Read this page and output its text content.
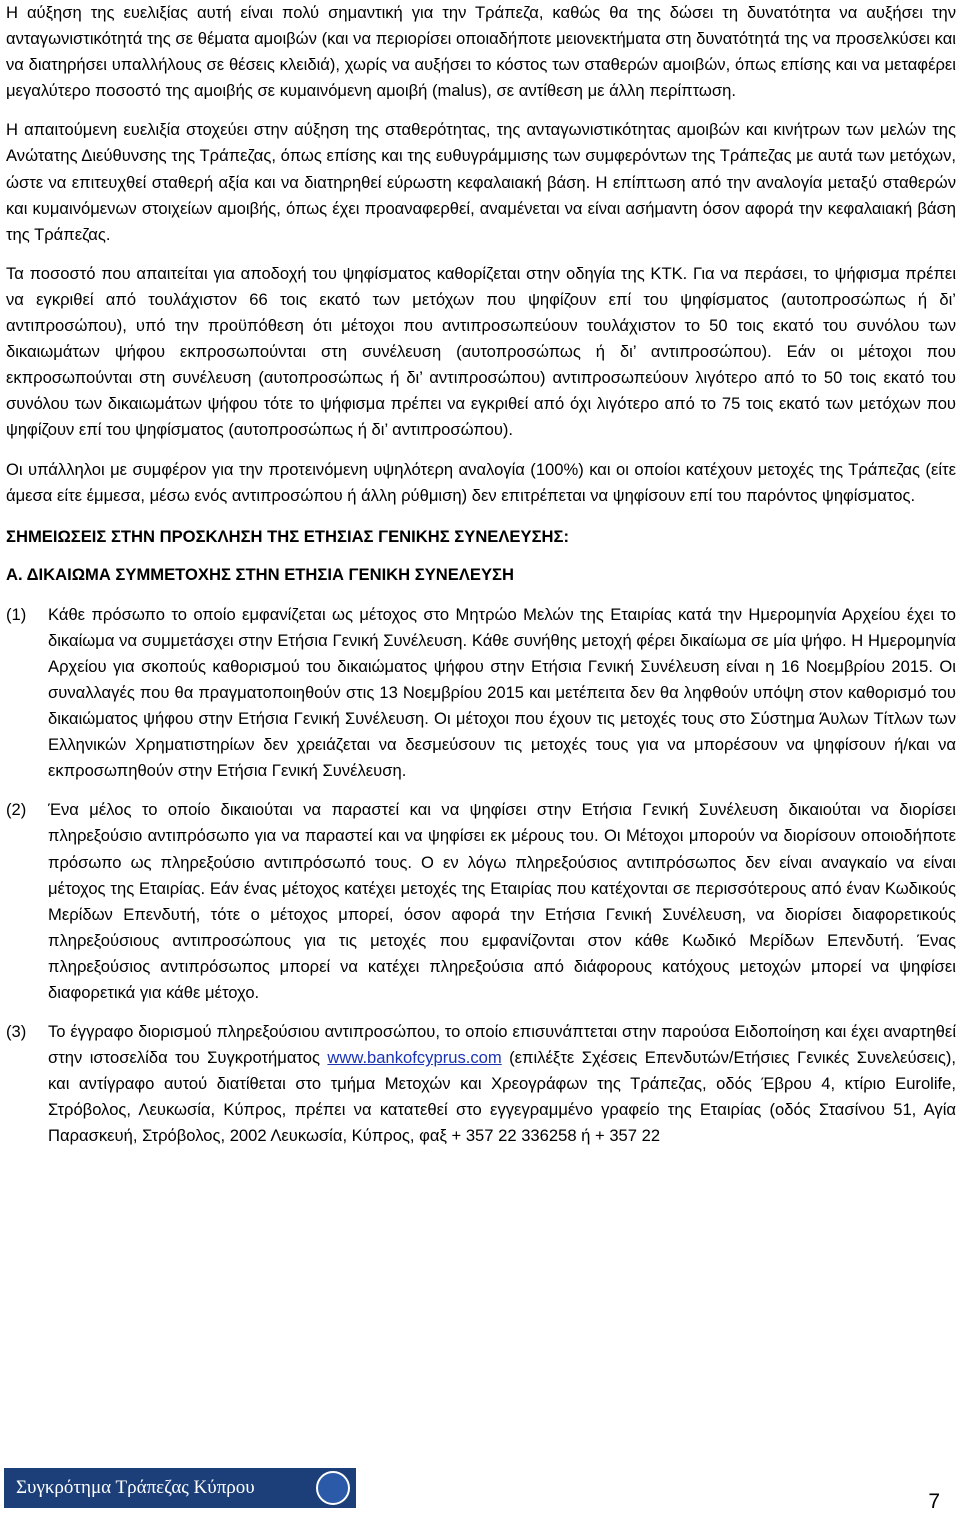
Η αύξηση της ευελιξίας αυτή είναι πολύ σημαντική για την Τράπεζα, καθώς θα της δώσει τη δυνατότητα να αυξήσει την ανταγωνιστικότητά της σε θέματα αμοιβών (και να περιορίσει οποιαδήποτε μειονεκτήματα στη δυνατότητά της να προσελκύσει και να διατηρήσει υπαλλήλους σε θέσεις κλειδιά), χωρίς να αυξήσει το κόστος των σταθερών αμοιβών, όπως επίσης και να μεταφέρει μεγαλύτερο ποσοστό της αμοιβής σε κυμαινόμενη αμοιβή (malus), σε αντίθεση με άλλη περίπτωση.

Η απαιτούμενη ευελιξία στοχεύει στην αύξηση της σταθερότητας, της ανταγωνιστικότητας αμοιβών και κινήτρων των μελών της Ανώτατης Διεύθυνσης της Τράπεζας, όπως επίσης και της ευθυγράμμισης των συμφερόντων της Τράπεζας με αυτά των μετόχων, ώστε να επιτευχθεί σταθερή αξία και να διατηρηθεί εύρωστη κεφαλαιακή βάση. Η επίπτωση από την αναλογία μεταξύ σταθερών και κυμαινόμενων στοιχείων αμοιβής, όπως έχει προαναφερθεί, αναμένεται να είναι ασήμαντη όσον αφορά την κεφαλαιακή βάση της Τράπεζας.

Τα ποσοστό που απαιτείται για αποδοχή του ψηφίσματος καθορίζεται στην οδηγία της ΚΤΚ. Για να περάσει, το ψήφισμα πρέπει να εγκριθεί από τουλάχιστον 66 τοις εκατό των μετόχων που ψηφίζουν επί του ψηφίσματος (αυτοπροσώπως ή δι’ αντιπροσώπου), υπό την προϋπόθεση ότι μέτοχοι που αντιπροσωπεύουν τουλάχιστον το 50 τοις εκατό του συνόλου των δικαιωμάτων ψήφου εκπροσωπούνται στη συνέλευση (αυτοπροσώπως ή δι’ αντιπροσώπου). Εάν οι μέτοχοι που εκπροσωπούνται στη συνέλευση (αυτοπροσώπως ή δι’ αντιπροσώπου) αντιπροσωπεύουν λιγότερο από το 50 τοις εκατό του συνόλου των δικαιωμάτων ψήφου τότε το ψήφισμα πρέπει να εγκριθεί από όχι λιγότερο από το 75 τοις εκατό των μετόχων που ψηφίζουν επί του ψηφίσματος (αυτοπροσώπως ή δι’ αντιπροσώπου).

Οι υπάλληλοι με συμφέρον για την προτεινόμενη υψηλότερη αναλογία (100%) και οι οποίοι κατέχουν μετοχές της Τράπεζας (είτε άμεσα είτε έμμεσα, μέσω ενός αντιπροσώπου ή άλλη ρύθμιση) δεν επιτρέπεται να ψηφίσουν επί του παρόντος ψηφίσματος.

ΣΗΜΕΙΩΣΕΙΣ ΣΤΗΝ ΠΡΟΣΚΛΗΣΗ ΤΗΣ ΕΤΗΣΙΑΣ ΓΕΝΙΚΗΣ ΣΥΝΕΛΕΥΣΗΣ:

Α. ΔΙΚΑΙΩΜΑ ΣΥΜΜΕΤΟΧΗΣ ΣΤΗΝ ΕΤΗΣΙΑ ΓΕΝΙΚΗ ΣΥΝΕΛΕΥΣΗ

(1)	Κάθε πρόσωπο το οποίο εμφανίζεται ως μέτοχος στο Μητρώο Μελών της Εταιρίας κατά την Ημερομηνία Αρχείου έχει το δικαίωμα να συμμετάσχει στην Ετήσια Γενική Συνέλευση. Κάθε συνήθης μετοχή φέρει δικαίωμα σε μία ψήφο. Η Ημερομηνία Αρχείου για σκοπούς καθορισμού του δικαιώματος ψήφου στην Ετήσια Γενική Συνέλευση είναι η 16 Νοεμβρίου 2015. Οι συναλλαγές που θα πραγματοποιηθούν στις 13 Νοεμβρίου 2015 και μετέπειτα δεν θα ληφθούν υπόψη στον καθορισμό του δικαιώματος ψήφου στην Ετήσια Γενική Συνέλευση. Οι μέτοχοι που έχουν τις μετοχές τους στο Σύστημα Άυλων Τίτλων των Ελληνικών Χρηματιστηρίων δεν χρειάζεται να δεσμεύσουν τις μετοχές τους για να μπορέσουν να ψηφίσουν ή/και να εκπροσωπηθούν στην Ετήσια Γενική Συνέλευση.
(2)	Ένα μέλος το οποίο δικαιούται να παραστεί και να ψηφίσει στην Ετήσια Γενική Συνέλευση δικαιούται να διορίσει πληρεξούσιο αντιπρόσωπο για να παραστεί και να ψηφίσει εκ μέρους του. Οι Μέτοχοι μπορούν να διορίσουν οποιοδήποτε πρόσωπο ως πληρεξούσιο αντιπρόσωπό τους. Ο εν λόγω πληρεξούσιος αντιπρόσωπος δεν είναι αναγκαίο να είναι μέτοχος της Εταιρίας. Εάν ένας μέτοχος κατέχει μετοχές της Εταιρίας που κατέχονται σε περισσότερους από έναν Κωδικούς Μερίδων Επενδυτή, τότε ο μέτοχος μπορεί, όσον αφορά την Ετήσια Γενική Συνέλευση, να διορίσει διαφορετικούς πληρεξούσιους αντιπροσώπους για τις μετοχές που εμφανίζονται στον κάθε Κωδικό Μερίδων Επενδυτή. Ένας πληρεξούσιος αντιπρόσωπος μπορεί να κατέχει πληρεξούσια από διάφορους κατόχους μετοχών μπορεί να ψηφίσει διαφορετικά για κάθε μέτοχο.
(3)	Το έγγραφο διορισμού πληρεξούσιου αντιπροσώπου, το οποίο επισυνάπτεται στην παρούσα Ειδοποίηση και έχει αναρτηθεί στην ιστοσελίδα του Συγκροτήματος www.bankofcyprus.com (επιλέξτε Σχέσεις Επενδυτών/Ετήσιες Γενικές Συνελεύσεις), και αντίγραφο αυτού διατίθεται στο τμήμα Μετοχών και Χρεογράφων της Τράπεζας, οδός Έβρου 4, κτίριο Eurolife, Στρόβολος, Λευκωσία, Κύπρος, πρέπει να κατατεθεί στο εγγεγραμμένο γραφείο της Εταιρίας (οδός Στασίνου 51, Αγία Παρασκευή, Στρόβολος, 2002 Λευκωσία, Κύπρος, φαξ + 357 22 336258 ή + 357 22
Συγκρότημα Τράπεζας Κύπρου
7
